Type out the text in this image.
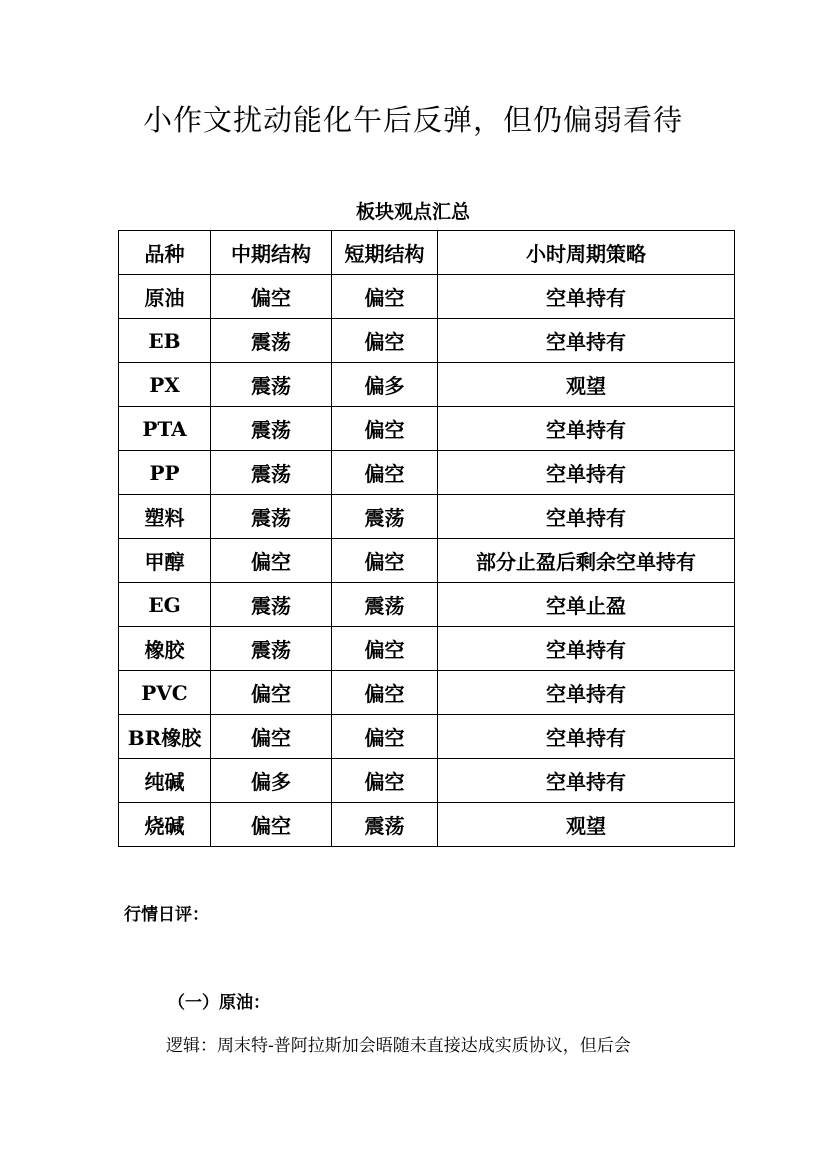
小作文扰动能化午后反弹，但仍偏弱看待
板块观点汇总
品种	中期结构	短期结构	小时周期策略
原油	偏空	偏空	空单持有
EB	震荡	偏空	空单持有
PX	震荡	偏多	观望
PTA	震荡	偏空	空单持有
PP	震荡	偏空	空单持有
塑料	震荡	震荡	空单持有
甲醇	偏空	偏空	部分止盈后剩余空单持有
EG	震荡	震荡	空单止盈
橡胶	震荡	偏空	空单持有
PVC	偏空	偏空	空单持有
BR橡胶	偏空	偏空	空单持有
纯碱	偏多	偏空	空单持有
烧碱	偏空	震荡	观望
行情日评：
（一）原油：
逻辑：周末特-普阿拉斯加会晤随未直接达成实质协议，但后会
